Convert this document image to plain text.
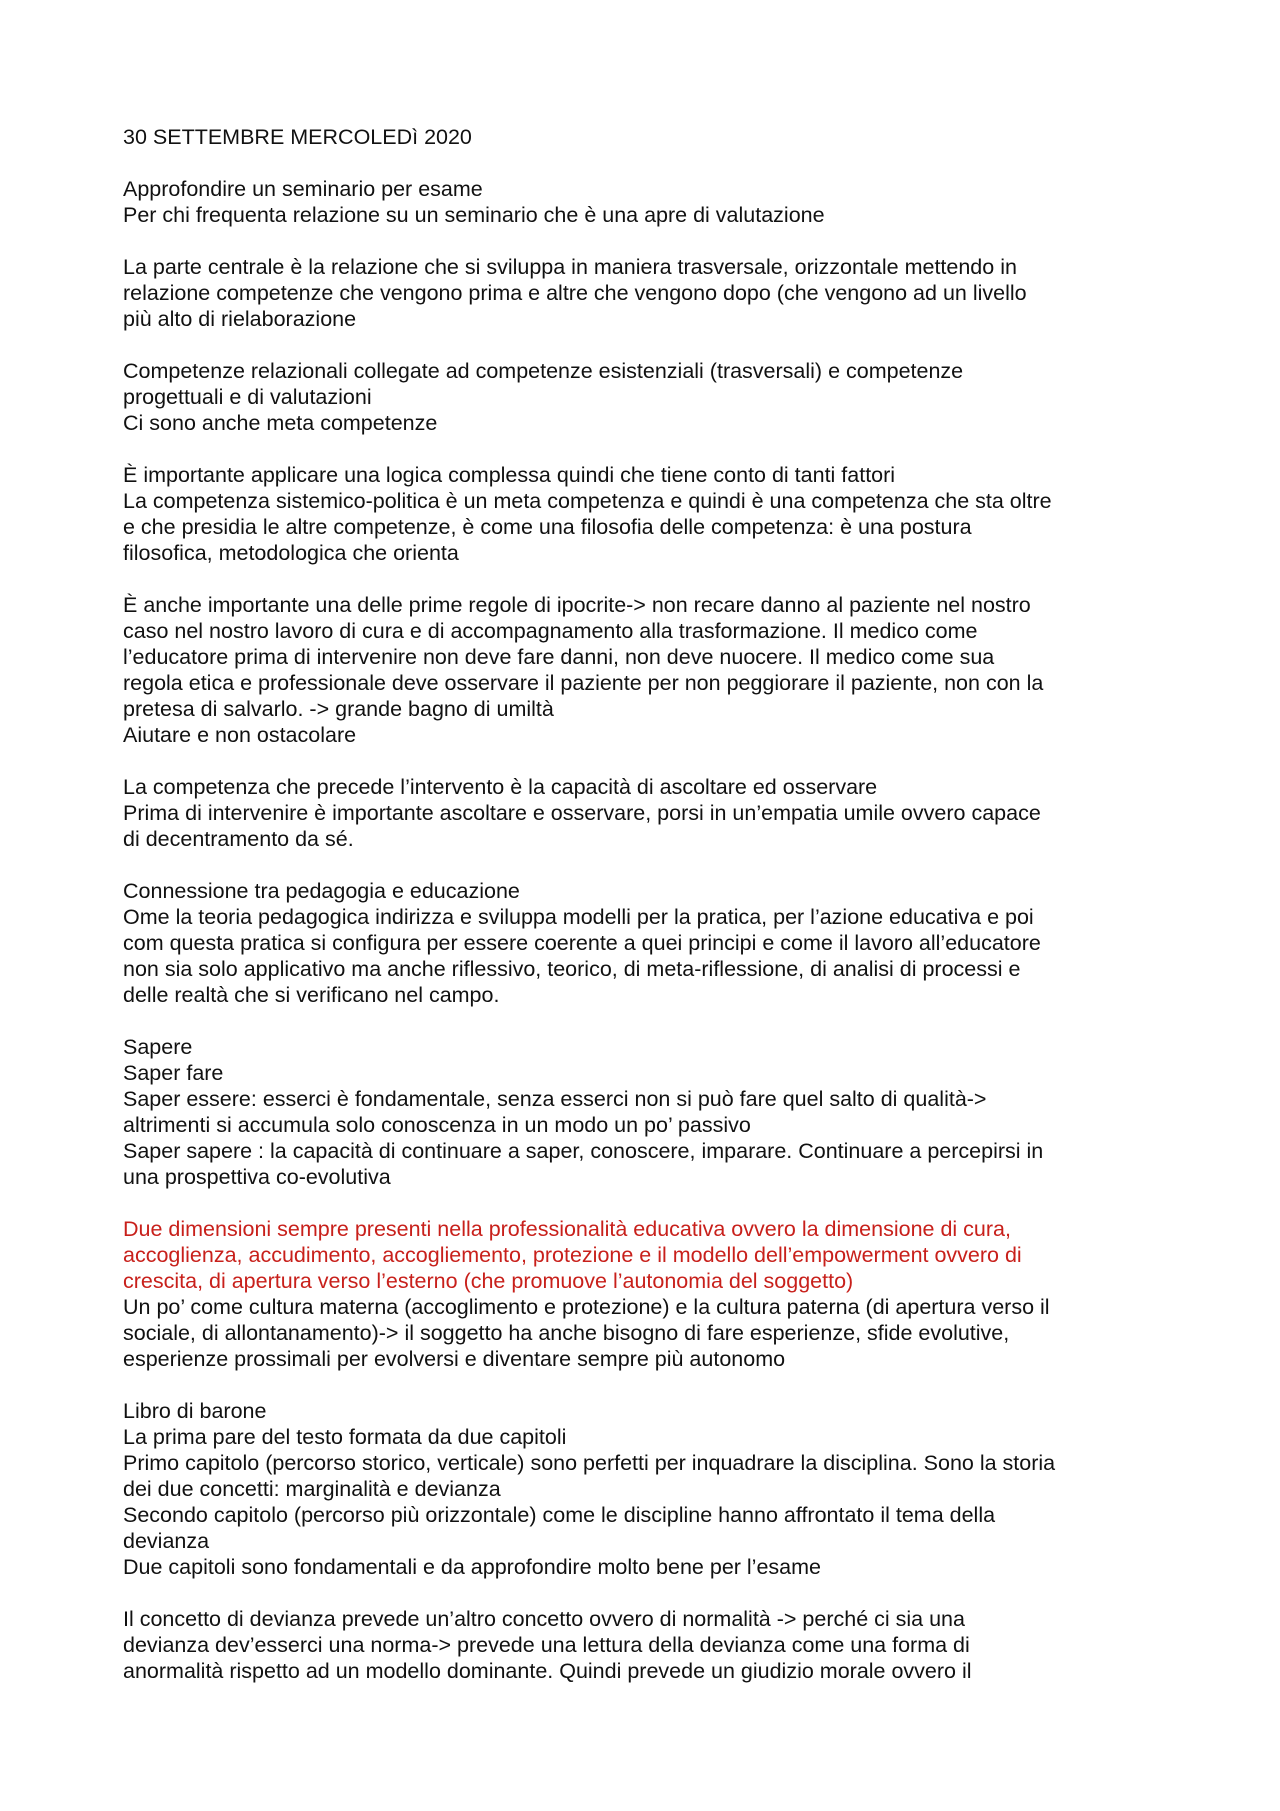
30 SETTEMBRE MERCOLEDì 2020
Approfondire un seminario per esame
Per chi frequenta relazione su un seminario che è una apre di valutazione
La parte centrale è la relazione che si sviluppa in maniera trasversale, orizzontale mettendo in
relazione competenze che vengono prima e altre che vengono dopo (che vengono ad un livello
più alto di rielaborazione
Competenze relazionali collegate ad competenze esistenziali (trasversali) e competenze
progettuali e di valutazioni
Ci sono anche meta competenze
È importante applicare una logica complessa quindi che tiene conto di tanti fattori
La competenza sistemico-politica è un meta competenza e quindi è una competenza che sta oltre
e che presidia le altre competenze, è come una filosofia delle competenza: è una postura
filosofica, metodologica che orienta
È anche importante una delle prime regole di ipocrite-> non recare danno al paziente nel nostro
caso nel nostro lavoro di cura e di accompagnamento alla trasformazione. Il medico come
l’educatore prima di intervenire non deve fare danni, non deve nuocere. Il medico come sua
regola etica e professionale deve osservare il paziente per non peggiorare il paziente, non con la
pretesa di salvarlo. -> grande bagno di umiltà
Aiutare e non ostacolare
La competenza che precede l’intervento è la capacità di ascoltare ed osservare
Prima di intervenire è importante ascoltare e osservare, porsi in un’empatia umile ovvero capace
di decentramento da sé.
Connessione tra pedagogia e educazione
Ome la teoria pedagogica indirizza e sviluppa modelli per la pratica, per l’azione educativa e poi
com questa pratica si configura per essere coerente a quei principi e come il lavoro all’educatore
non sia solo applicativo ma anche riflessivo, teorico, di meta-riflessione, di analisi di processi e
delle realtà che si verificano nel campo.
Sapere
Saper fare
Saper essere: esserci è fondamentale, senza esserci non si può fare quel salto di qualità->
altrimenti si accumula solo conoscenza in un modo un po’ passivo
Saper sapere : la capacità di continuare a saper, conoscere, imparare. Continuare a percepirsi in
una prospettiva co-evolutiva
Due dimensioni sempre presenti nella professionalità educativa ovvero la dimensione di cura,
accoglienza, accudimento, accogliemento, protezione e il modello dell’empowerment ovvero di
crescita, di apertura verso l’esterno (che promuove l’autonomia del soggetto)
Un po’ come cultura materna (accoglimento e protezione) e la cultura paterna (di apertura verso il
sociale, di allontanamento)-> il soggetto ha anche bisogno di fare esperienze, sfide evolutive,
esperienze prossimali per evolversi e diventare sempre più autonomo
Libro di barone
La prima pare del testo formata da due capitoli
Primo capitolo (percorso storico, verticale) sono perfetti per inquadrare la disciplina. Sono la storia
dei due concetti: marginalità e devianza
Secondo capitolo (percorso più orizzontale) come le discipline hanno affrontato il tema della
devianza
Due capitoli sono fondamentali e da approfondire molto bene per l’esame
Il concetto di devianza prevede un’altro concetto ovvero di normalità -> perché ci sia una
devianza dev’esserci una norma-> prevede una lettura della devianza come una forma di
anormalità rispetto ad un modello dominante. Quindi prevede un giudizio morale ovvero il
